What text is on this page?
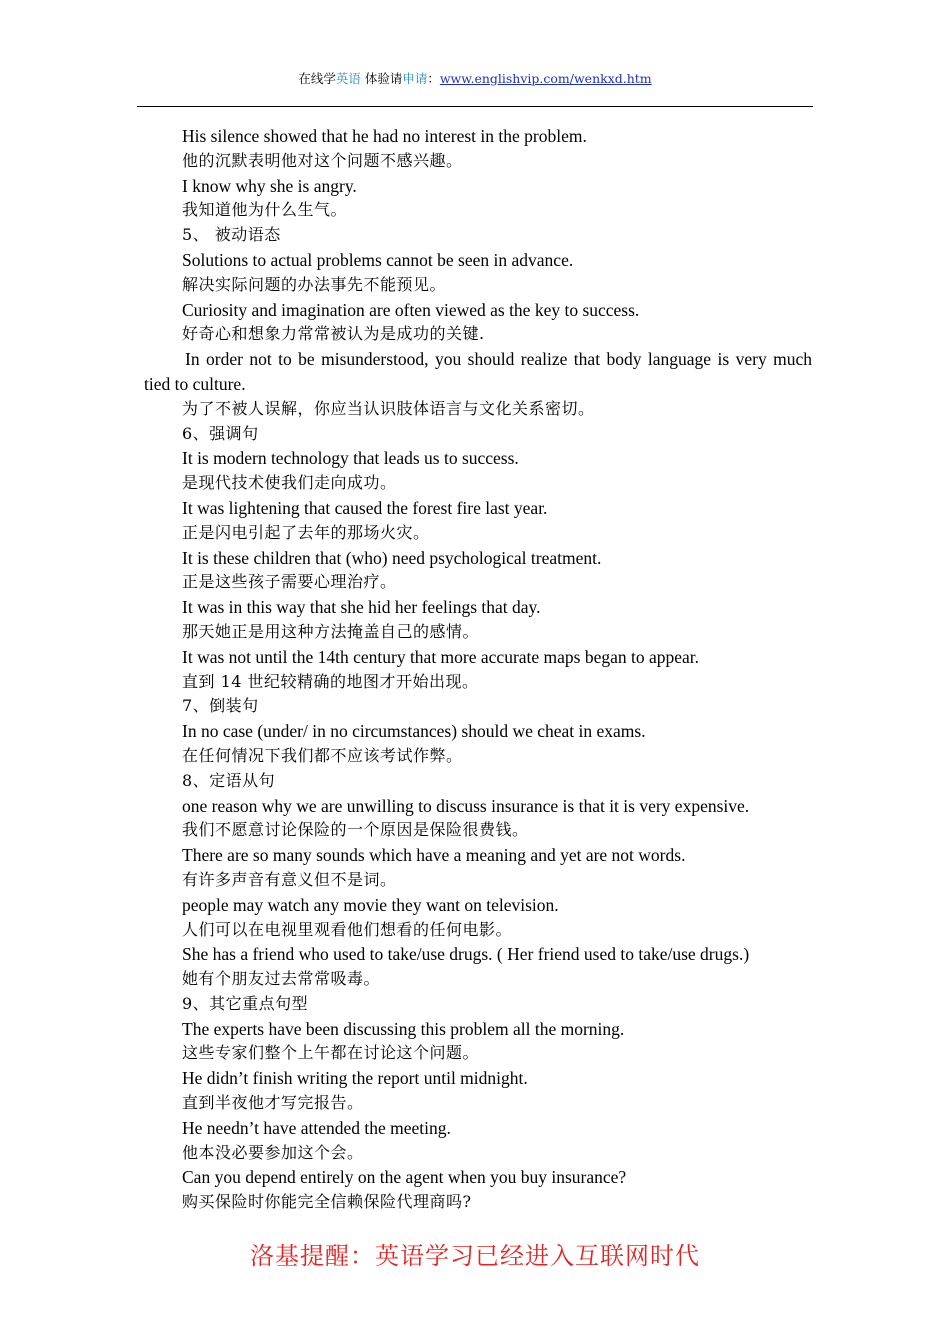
在线学英语 体验请申请：www.englishvip.com/wenkxd.htm
His silence showed that he had no interest in the problem.
他的沉默表明他对这个问题不感兴趣。
I know why she is angry.
我知道他为什么生气。
5、 被动语态
Solutions to actual problems cannot be seen in advance.
解决实际问题的办法事先不能预见。
Curiosity and imagination are often viewed as the key to success.
好奇心和想象力常常被认为是成功的关键.
In order not to be misunderstood, you should realize that body language is very much tied to culture.
为了不被人误解，你应当认识肢体语言与文化关系密切。
6、强调句
It is modern technology that leads us to success.
是现代技术使我们走向成功。
It was lightening that caused the forest fire last year.
正是闪电引起了去年的那场火灾。
It is these children that (who) need psychological treatment.
正是这些孩子需要心理治疗。
It was in this way that she hid her feelings that day.
那天她正是用这种方法掩盖自己的感情。
It was not until the 14th century that more accurate maps began to appear.
直到 14 世纪较精确的地图才开始出现。
7、倒装句
In no case (under/ in no circumstances) should we cheat in exams.
在任何情况下我们都不应该考试作弊。
8、定语从句
one reason why we are unwilling to discuss insurance is that it is very expensive.
我们不愿意讨论保险的一个原因是保险很费钱。
There are so many sounds which have a meaning and yet are not words.
有许多声音有意义但不是词。
people may watch any movie they want on television.
人们可以在电视里观看他们想看的任何电影。
She has a friend who used to take/use drugs. ( Her friend used to take/use drugs.)
她有个朋友过去常常吸毒。
9、其它重点句型
The experts have been discussing this problem all the morning.
这些专家们整个上午都在讨论这个问题。
He didn’t finish writing the report until midnight.
直到半夜他才写完报告。
He needn’t have attended the meeting.
他本没必要参加这个会。
Can you depend entirely on the agent when you buy insurance?
购买保险时你能完全信赖保险代理商吗?
洛基提醒：英语学习已经进入互联网时代
